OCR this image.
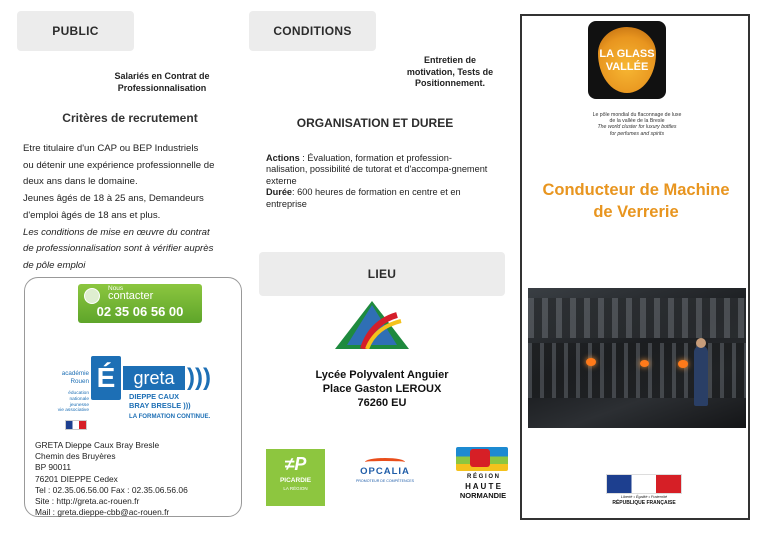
PUBLIC
Salariés en Contrat de
Professionnalisation
Critères de recrutement
Etre titulaire d'un CAP ou BEP Industriels
ou détenir une expérience professionnelle de
deux ans dans le domaine.
Jeunes âgés de 18 à 25 ans, Demandeurs
d'emploi âgés de 18 ans et plus.
Les conditions de mise en œuvre du contrat
de professionnalisation sont à vérifier auprès
de pôle emploi
Nous
contacter
02 35 06 56 00
académie
Rouen É	greta )))
éducation
nationale
jeunesse
vie associative
DIEPPE CAUX
BRAY BRESLE )))
LA FORMATION CONTINUE.
GRETA Dieppe Caux Bray Bresle
Chemin des Bruyères
BP 90011
76201 DIEPPE Cedex
Tel : 02.35.06.56.00 Fax : 02.35.06.56.06
Site : http://greta.ac-rouen.fr
Mail : greta.dieppe-cbb@ac-rouen.fr
CONDITIONS
Entretien de
motivation, Tests de
Positionnement.
ORGANISATION ET DUREE
Actions : Évaluation, formation et profession-nalisation, possibilité de tutorat et d'accompa-gnement externe
Durée: 600 heures de formation en centre et en entreprise
LIEU
Lycée Polyvalent Anguier
Place Gaston LEROUX
76260 EU
≠P
PICARDIE
LA RÉGION
OPCALIA
PROMOTEUR DE COMPÉTENCES
R É G I O N
H A U T E
NORMANDIE
LA GLASS
VALLÉE
Le pôle mondial du flaconnage de luxe
de la vallée de la Bresle
The world cluster for luxury bottles
for perfumes and spirits
Conducteur de Machine
de Verrerie
Liberté • Égalité • Fraternité
RÉPUBLIQUE FRANÇAISE
